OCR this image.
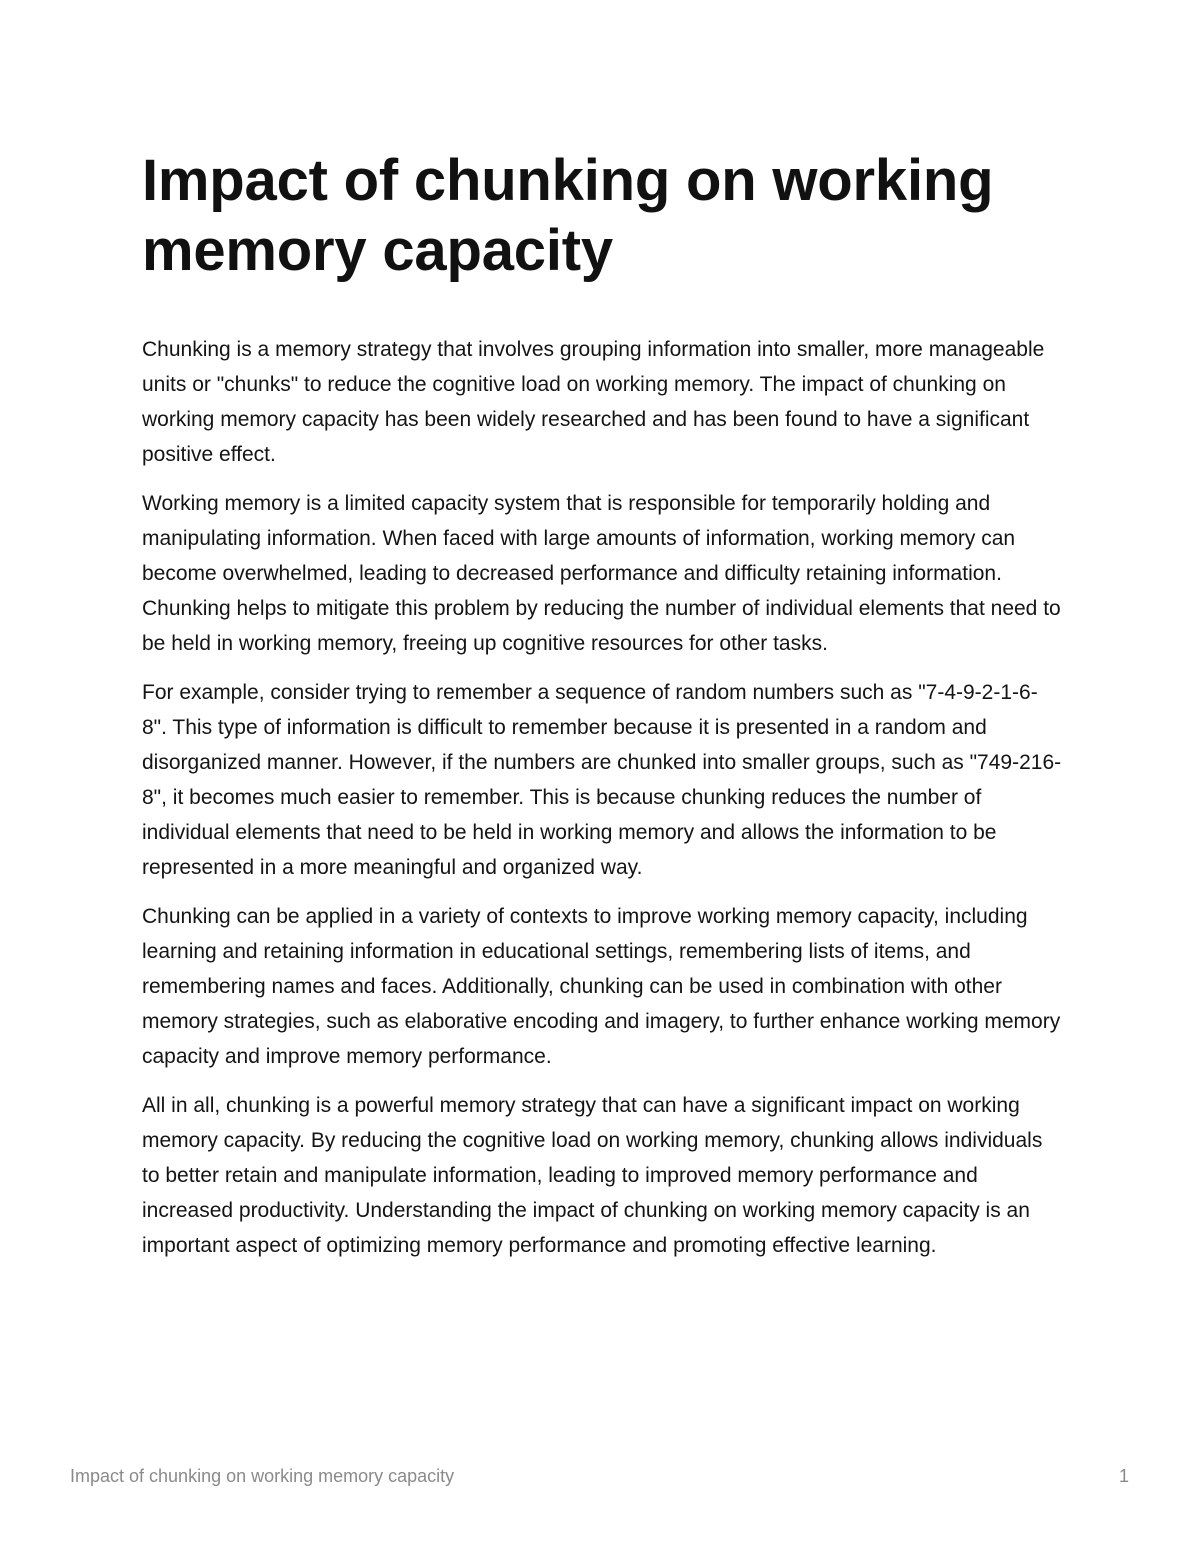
Impact of chunking on working memory capacity

Chunking is a memory strategy that involves grouping information into smaller, more manageable units or "chunks" to reduce the cognitive load on working memory. The impact of chunking on working memory capacity has been widely researched and has been found to have a significant positive effect.

Working memory is a limited capacity system that is responsible for temporarily holding and manipulating information. When faced with large amounts of information, working memory can become overwhelmed, leading to decreased performance and difficulty retaining information. Chunking helps to mitigate this problem by reducing the number of individual elements that need to be held in working memory, freeing up cognitive resources for other tasks.

For example, consider trying to remember a sequence of random numbers such as "7-4-9-2-1-6-8". This type of information is difficult to remember because it is presented in a random and disorganized manner. However, if the numbers are chunked into smaller groups, such as "749-216-8", it becomes much easier to remember. This is because chunking reduces the number of individual elements that need to be held in working memory and allows the information to be represented in a more meaningful and organized way.

Chunking can be applied in a variety of contexts to improve working memory capacity, including learning and retaining information in educational settings, remembering lists of items, and remembering names and faces. Additionally, chunking can be used in combination with other memory strategies, such as elaborative encoding and imagery, to further enhance working memory capacity and improve memory performance.

All in all, chunking is a powerful memory strategy that can have a significant impact on working memory capacity. By reducing the cognitive load on working memory, chunking allows individuals to better retain and manipulate information, leading to improved memory performance and increased productivity. Understanding the impact of chunking on working memory capacity is an important aspect of optimizing memory performance and promoting effective learning.

Impact of chunking on working memory capacity	1
